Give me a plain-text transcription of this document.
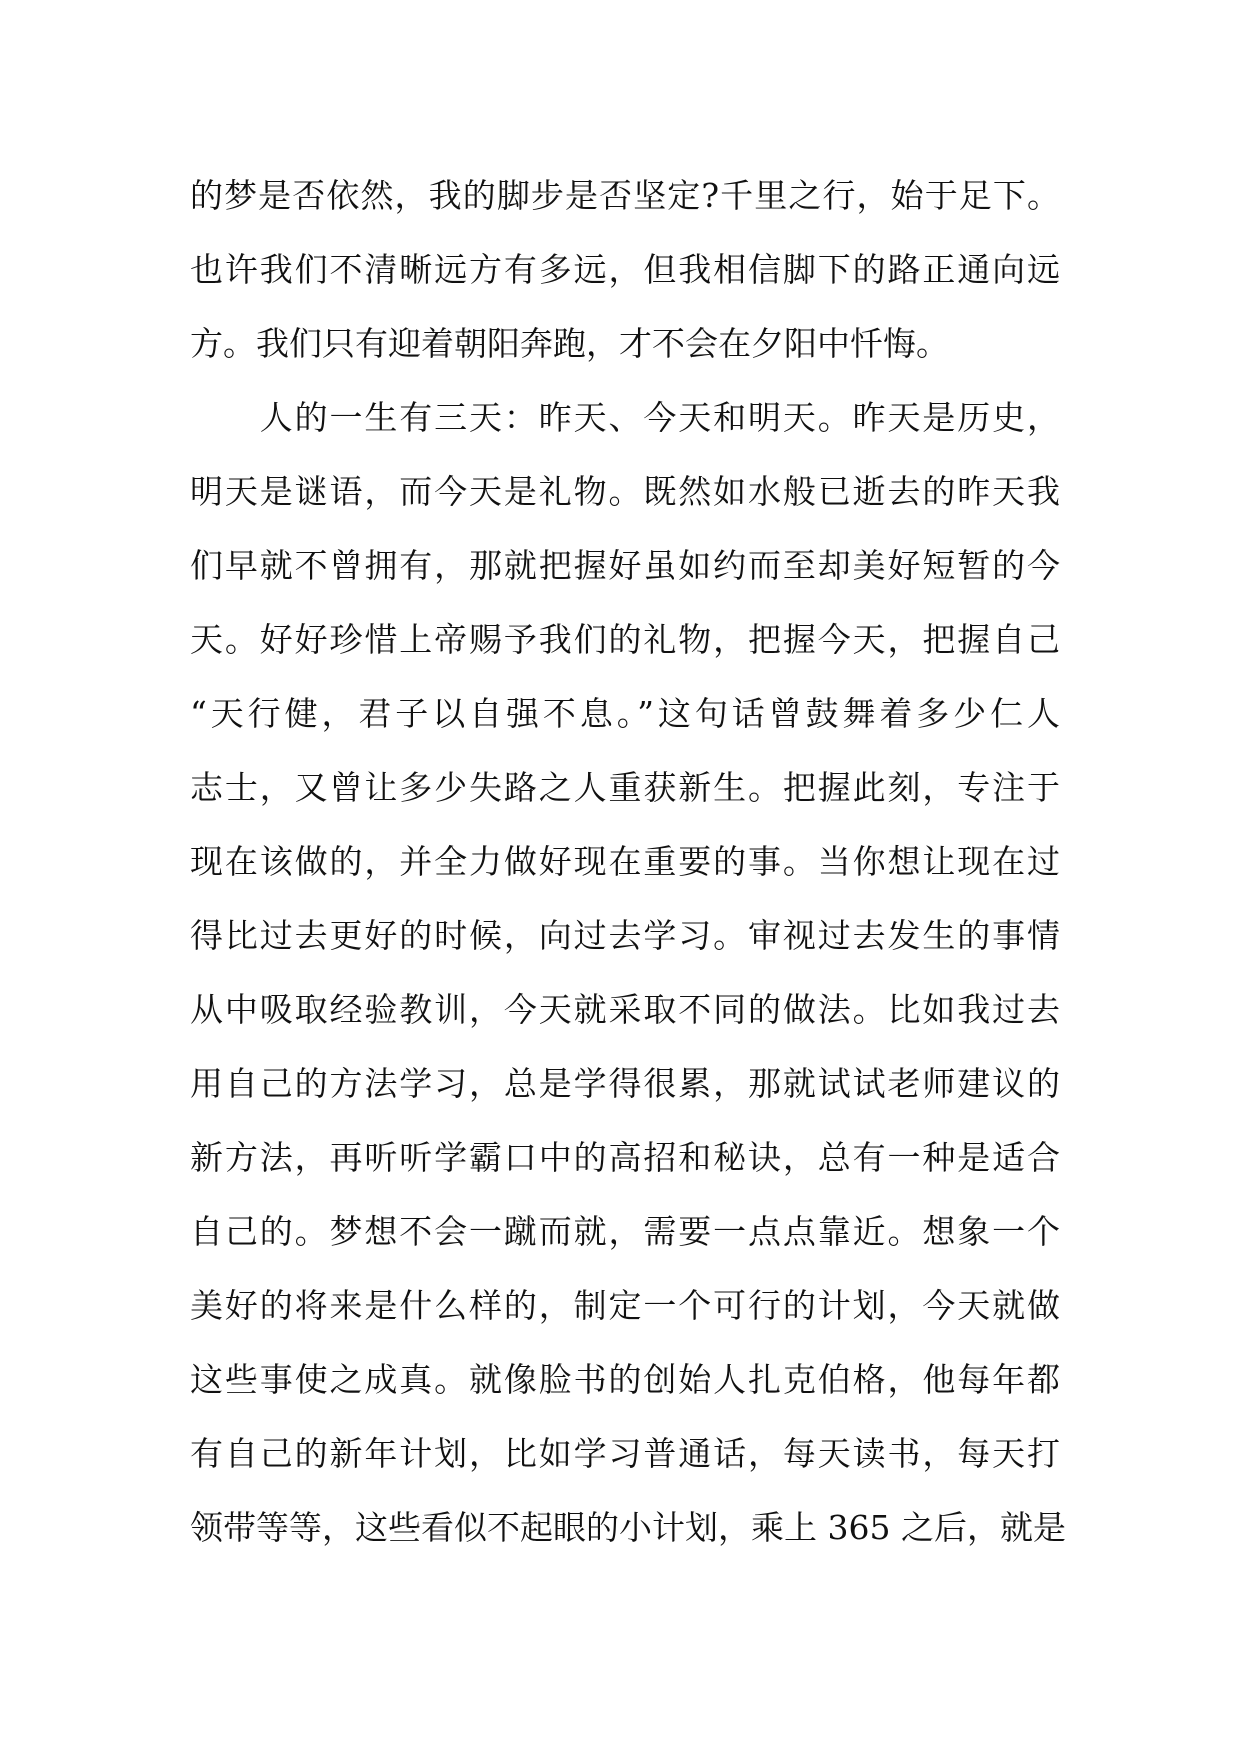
的梦是否依然，我的脚步是否坚定?千里之行，始于足下。
也许我们不清晰远方有多远，但我相信脚下的路正通向远
方。我们只有迎着朝阳奔跑，才不会在夕阳中忏悔。
　　人的一生有三天：昨天、今天和明天。昨天是历史，
明天是谜语，而今天是礼物。既然如水般已逝去的昨天我
们早就不曾拥有，那就把握好虽如约而至却美好短暂的今
天。好好珍惜上帝赐予我们的礼物，把握今天，把握自己
“天行健，君子以自强不息。”这句话曾鼓舞着多少仁人
志士，又曾让多少失路之人重获新生。把握此刻，专注于
现在该做的，并全力做好现在重要的事。当你想让现在过
得比过去更好的时候，向过去学习。审视过去发生的事情
从中吸取经验教训，今天就采取不同的做法。比如我过去
用自己的方法学习，总是学得很累，那就试试老师建议的
新方法，再听听学霸口中的高招和秘诀，总有一种是适合
自己的。梦想不会一蹴而就，需要一点点靠近。想象一个
美好的将来是什么样的，制定一个可行的计划，今天就做
这些事使之成真。就像脸书的创始人扎克伯格，他每年都
有自己的新年计划，比如学习普通话，每天读书，每天打
领带等等，这些看似不起眼的小计划，乘上 365 之后，就是
